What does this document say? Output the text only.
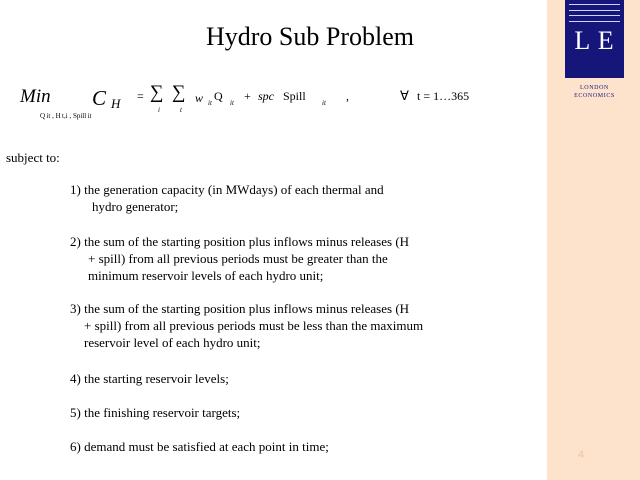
L E
LONDON
ECONOMICS
4
Hydro Sub Problem
Min C H
Q it , H t,i , Spill it
= ∑
i
∑
t
w it Q it + spc Spill it ,	∀ t = 1…365
subject to:
1) the generation capacity (in MWdays) of each thermal and
hydro generator;
2) the sum of the starting position plus inflows minus releases (H
+ spill) from all previous periods must be greater than the
minimum reservoir levels of each hydro unit;
3) the sum of the starting position plus inflows minus releases (H
+ spill) from all previous periods must be less than the maximum
reservoir level of each hydro unit;
4) the starting reservoir levels;
5) the finishing reservoir targets;
6) demand must be satisfied at each point in time;
